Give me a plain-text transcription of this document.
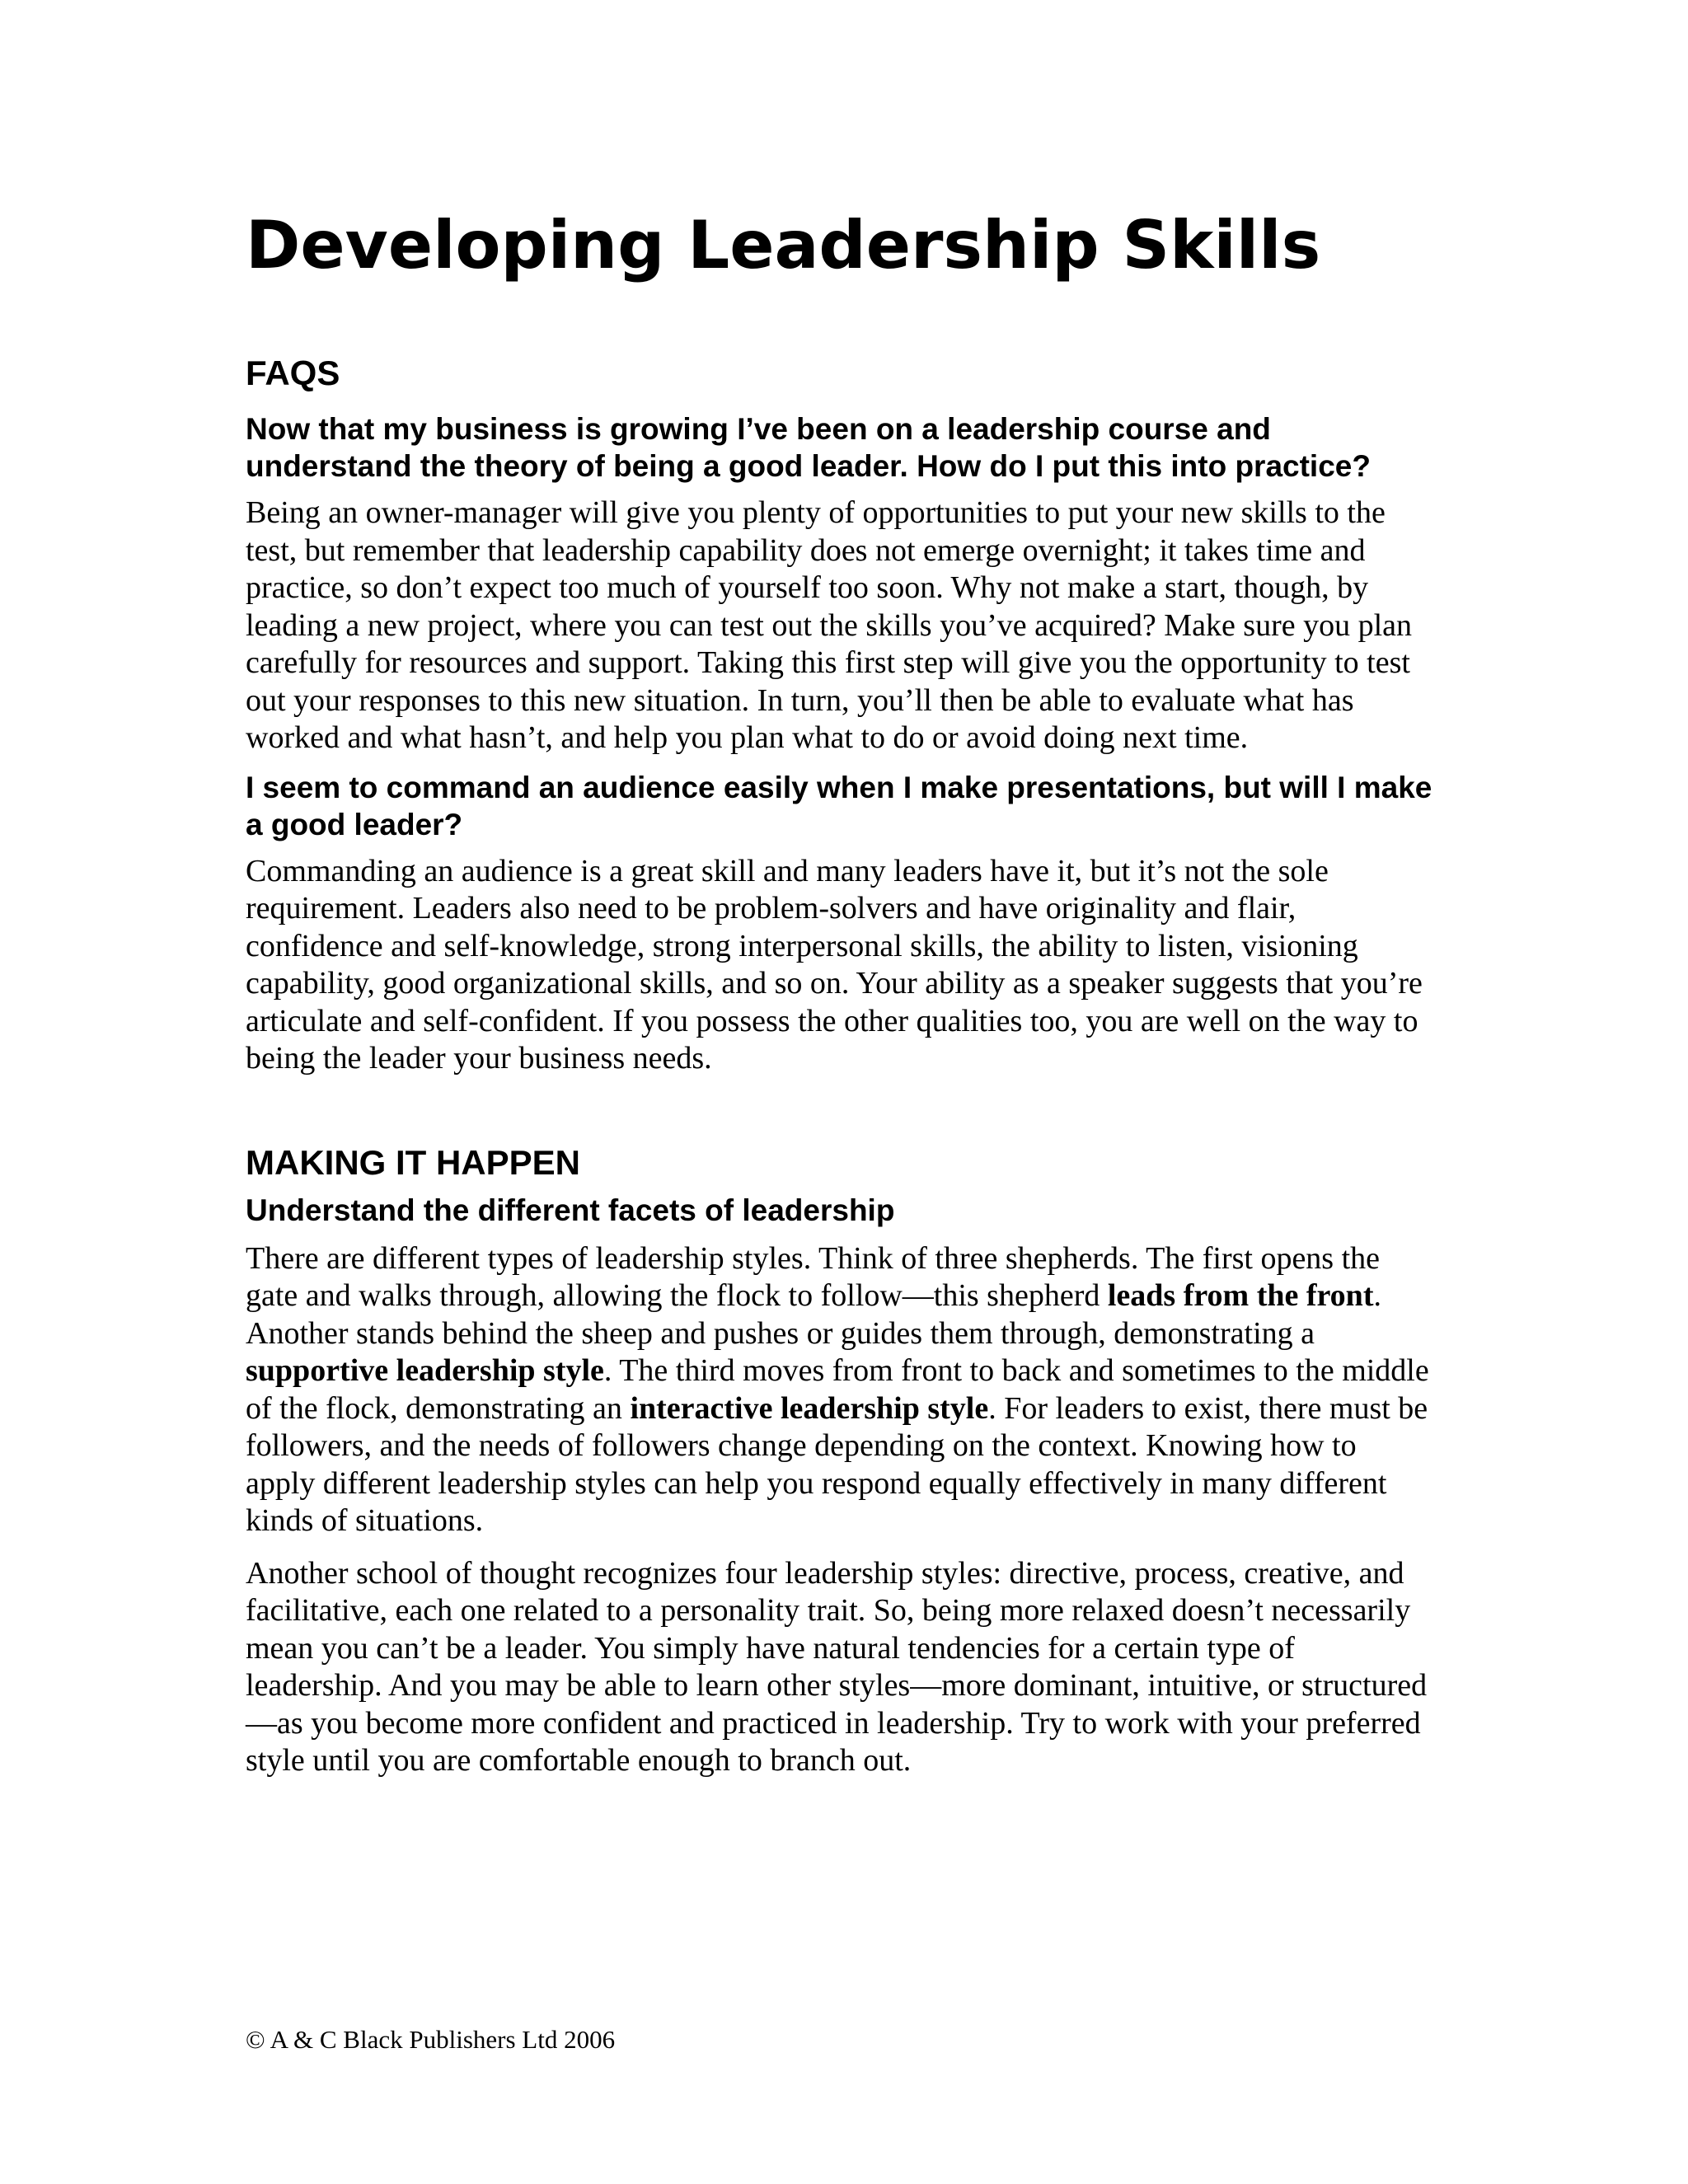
Developing Leadership Skills
FAQS
Now that my business is growing I’ve been on a leadership course and understand the theory of being a good leader. How do I put this into practice?

Being an owner-manager will give you plenty of opportunities to put your new skills to the test, but remember that leadership capability does not emerge overnight; it takes time and practice, so don’t expect too much of yourself too soon. Why not make a start, though, by leading a new project, where you can test out the skills you’ve acquired? Make sure you plan carefully for resources and support. Taking this first step will give you the opportunity to test out your responses to this new situation. In turn, you’ll then be able to evaluate what has worked and what hasn’t, and help you plan what to do or avoid doing next time.

I seem to command an audience easily when I make presentations, but will I make a good leader?

Commanding an audience is a great skill and many leaders have it, but it’s not the sole requirement. Leaders also need to be problem-solvers and have originality and flair, confidence and self-knowledge, strong interpersonal skills, the ability to listen, visioning capability, good organizational skills, and so on. Your ability as a speaker suggests that you’re articulate and self-confident. If you possess the other qualities too, you are well on the way to being the leader your business needs.

MAKING IT HAPPEN
Understand the different facets of leadership

There are different types of leadership styles. Think of three shepherds. The first opens the gate and walks through, allowing the flock to follow—this shepherd leads from the front. Another stands behind the sheep and pushes or guides them through, demonstrating a supportive leadership style. The third moves from front to back and sometimes to the middle of the flock, demonstrating an interactive leadership style. For leaders to exist, there must be followers, and the needs of followers change depending on the context. Knowing how to apply different leadership styles can help you respond equally effectively in many different kinds of situations.

Another school of thought recognizes four leadership styles: directive, process, creative, and facilitative, each one related to a personality trait. So, being more relaxed doesn’t necessarily mean you can’t be a leader. You simply have natural tendencies for a certain type of leadership. And you may be able to learn other styles—more dominant, intuitive, or structured—as you become more confident and practiced in leadership. Try to work with your preferred style until you are comfortable enough to branch out.

© A & C Black Publishers Ltd 2006
